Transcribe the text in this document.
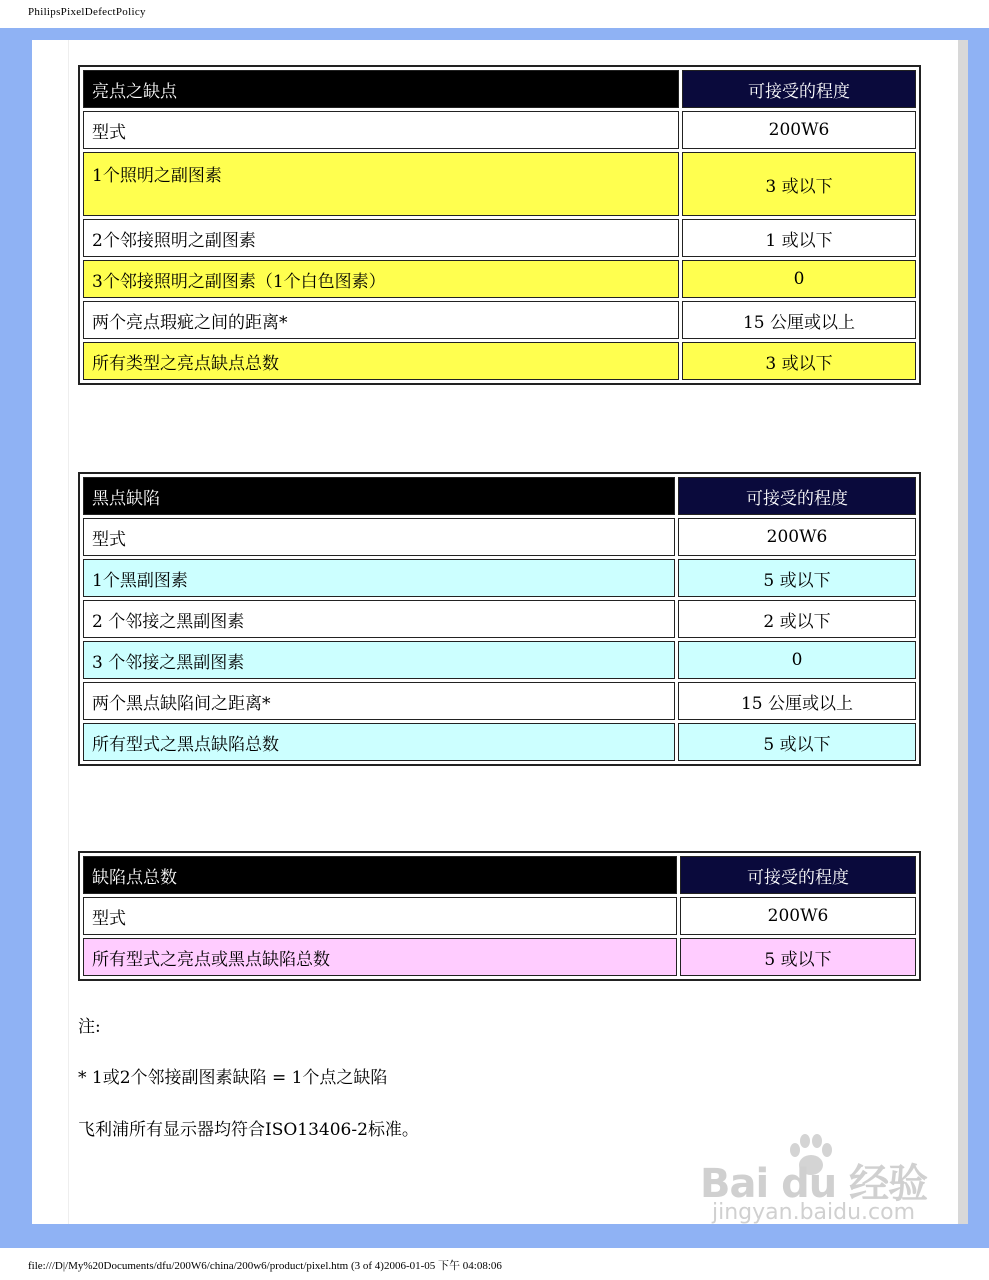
PhilipsPixelDefectPolicy
亮点之缺点	可接受的程度
型式	200W6
1个照明之副图素	3 或以下
2个邻接照明之副图素	1 或以下
3个邻接照明之副图素（1个白色图素）	0
两个亮点瑕疵之间的距离*	15 公厘或以上
所有类型之亮点缺点总数	3 或以下
黑点缺陷	可接受的程度
型式	200W6
1个黑副图素	5 或以下
2 个邻接之黑副图素	2 或以下
3 个邻接之黑副图素	0
两个黑点缺陷间之距离*	15 公厘或以上
所有型式之黑点缺陷总数	5 或以下
缺陷点总数	可接受的程度
型式	200W6
所有型式之亮点或黑点缺陷总数	5 或以下
注:
* 1或2个邻接副图素缺陷 = 1个点之缺陷
飞利浦所有显示器均符合ISO13406-2标准。
Bai du 经验
jingyan.baidu.com
file:///D|/My%20Documents/dfu/200W6/china/200w6/product/pixel.htm (3 of 4)2006-01-05 下午 04:08:06
